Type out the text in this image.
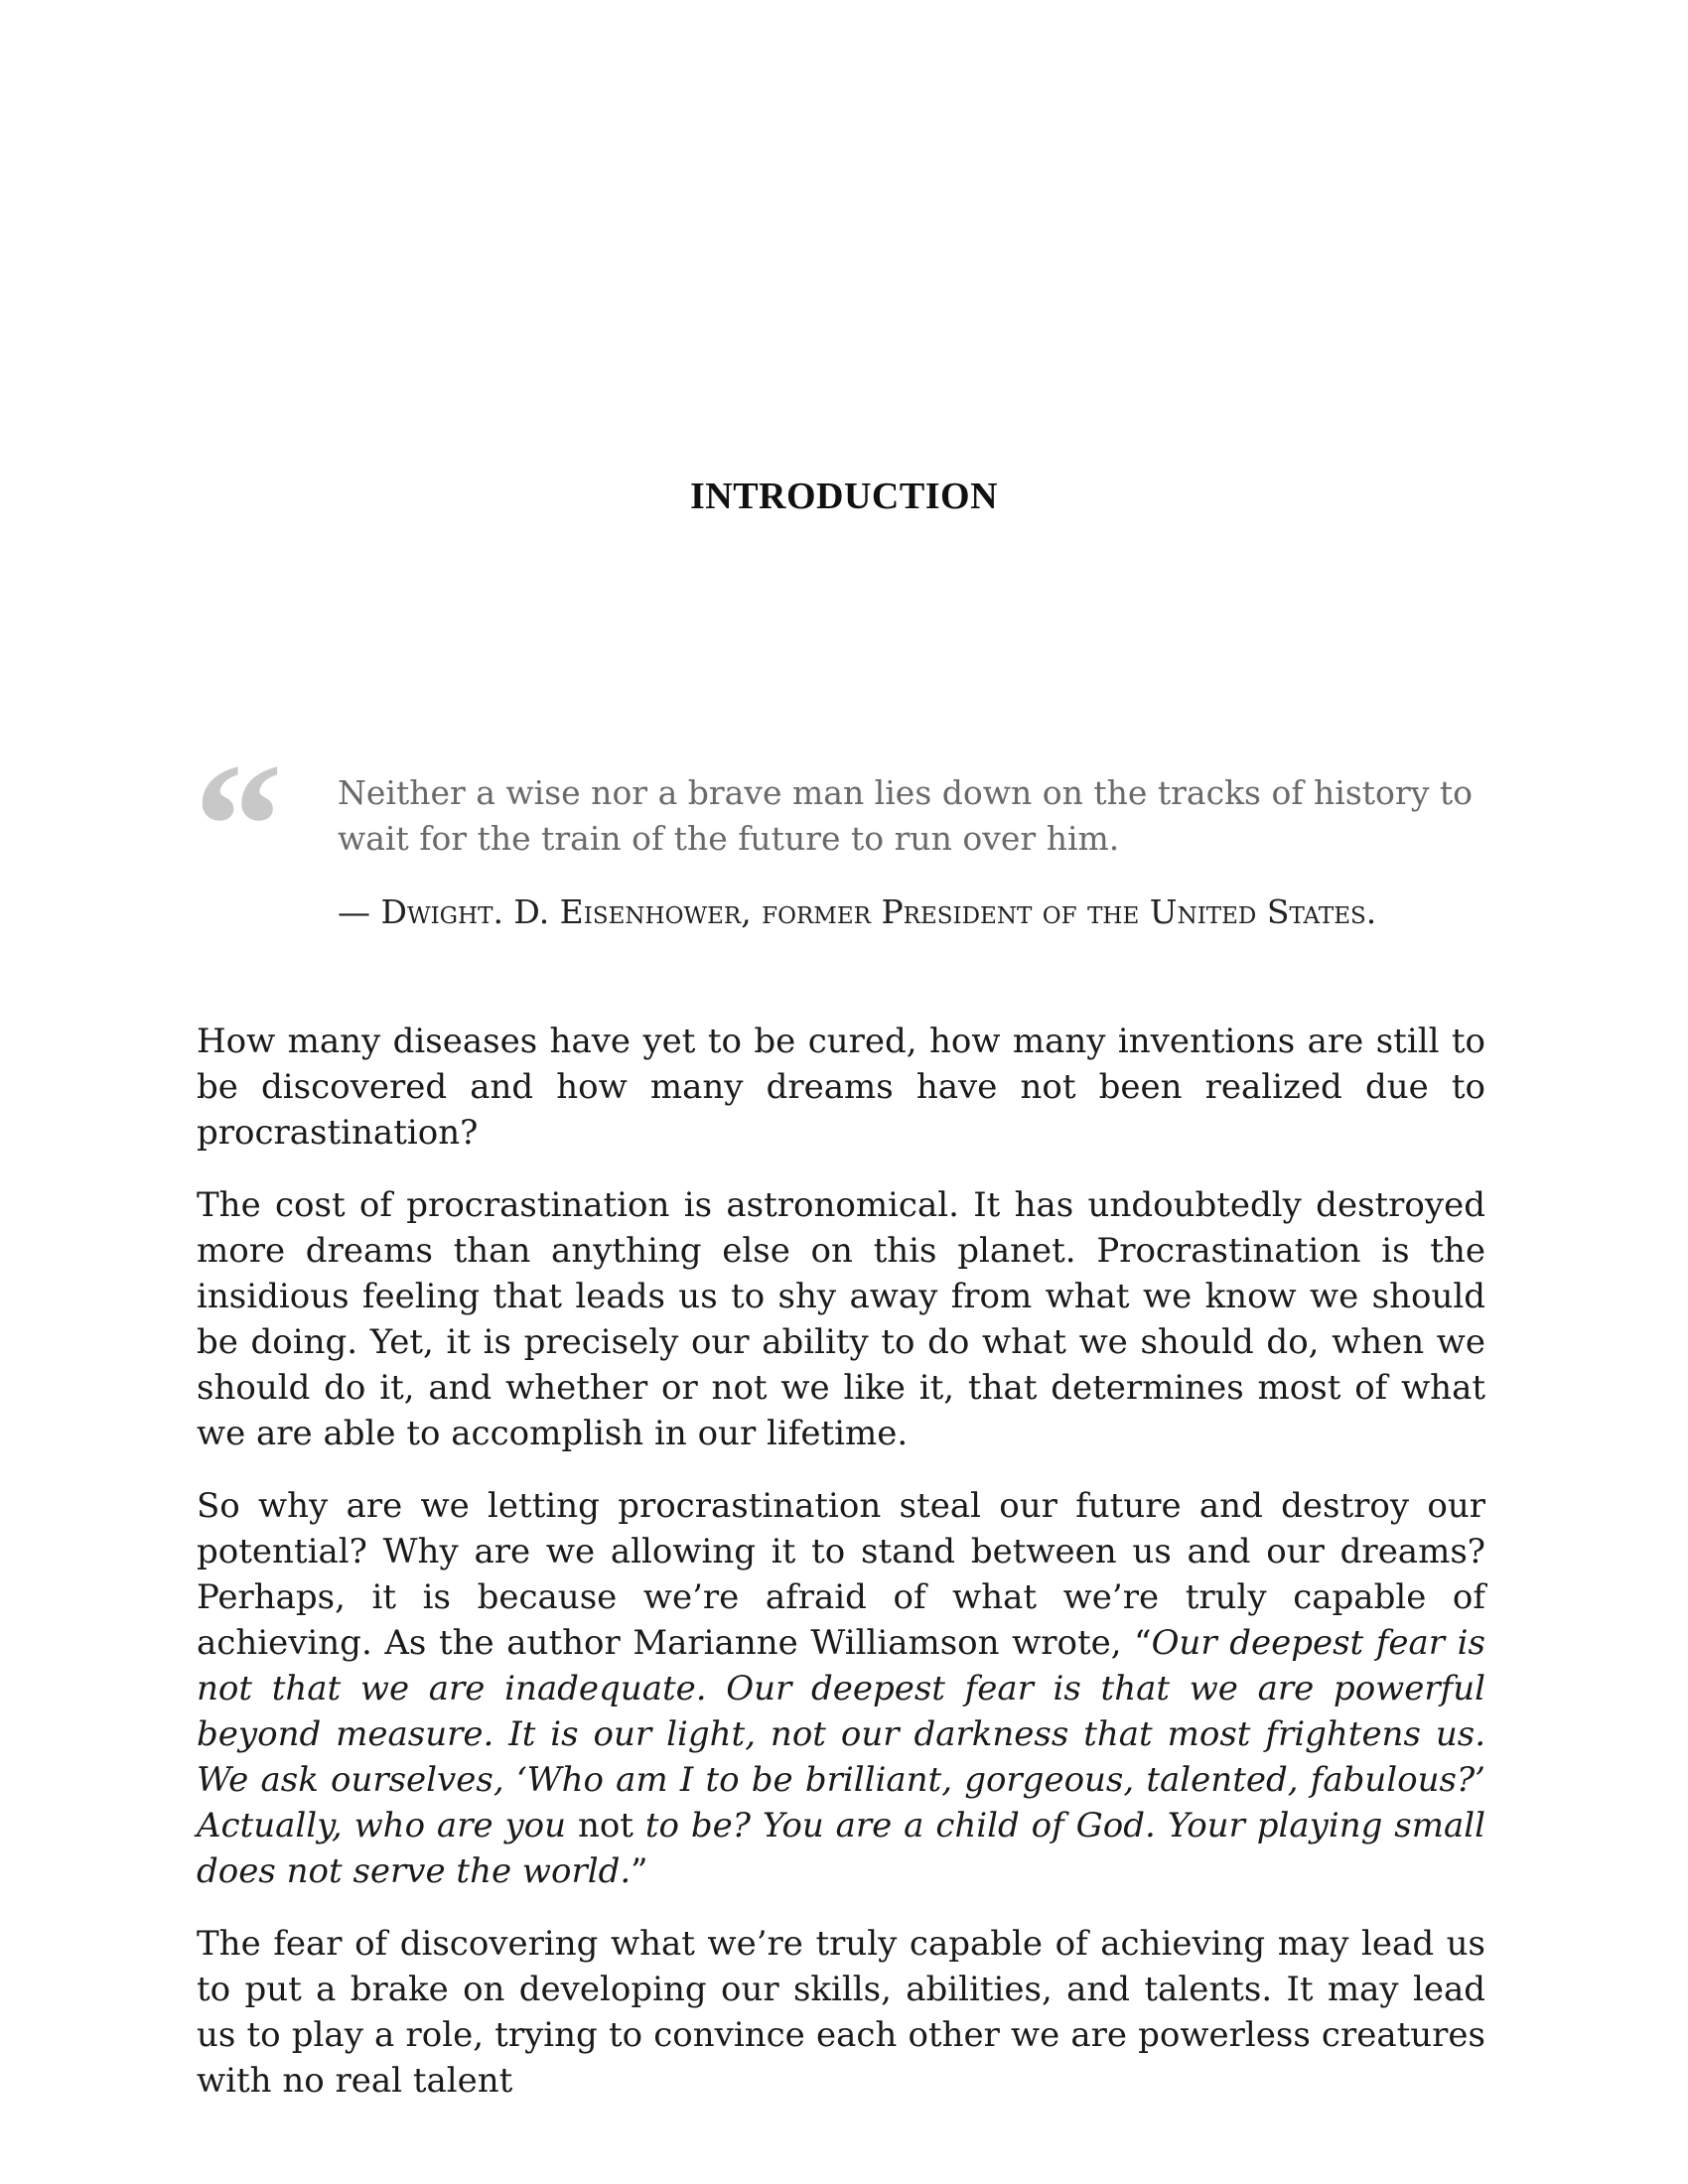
INTRODUCTION
“ Neither a wise nor a brave man lies down on the tracks of history to wait for the train of the future to run over him.

— Dwight. D. Eisenhower, former President of the United States.

How many diseases have yet to be cured, how many inventions are still to be discovered and how many dreams have not been realized due to procrastination?

The cost of procrastination is astronomical. It has undoubtedly destroyed more dreams than anything else on this planet. Procrastination is the insidious feeling that leads us to shy away from what we know we should be doing. Yet, it is precisely our ability to do what we should do, when we should do it, and whether or not we like it, that determines most of what we are able to accomplish in our lifetime.

So why are we letting procrastination steal our future and destroy our potential? Why are we allowing it to stand between us and our dreams? Perhaps, it is because we’re afraid of what we’re truly capable of achieving. As the author Marianne Williamson wrote, “Our deepest fear is not that we are inadequate. Our deepest fear is that we are powerful beyond measure. It is our light, not our darkness that most frightens us. We ask ourselves, ‘Who am I to be brilliant, gorgeous, talented, fabulous?’ Actually, who are you not to be? You are a child of God. Your playing small does not serve the world.”

The fear of discovering what we’re truly capable of achieving may lead us to put a brake on developing our skills, abilities, and talents. It may lead us to play a role, trying to convince each other we are powerless creatures with no real talent
